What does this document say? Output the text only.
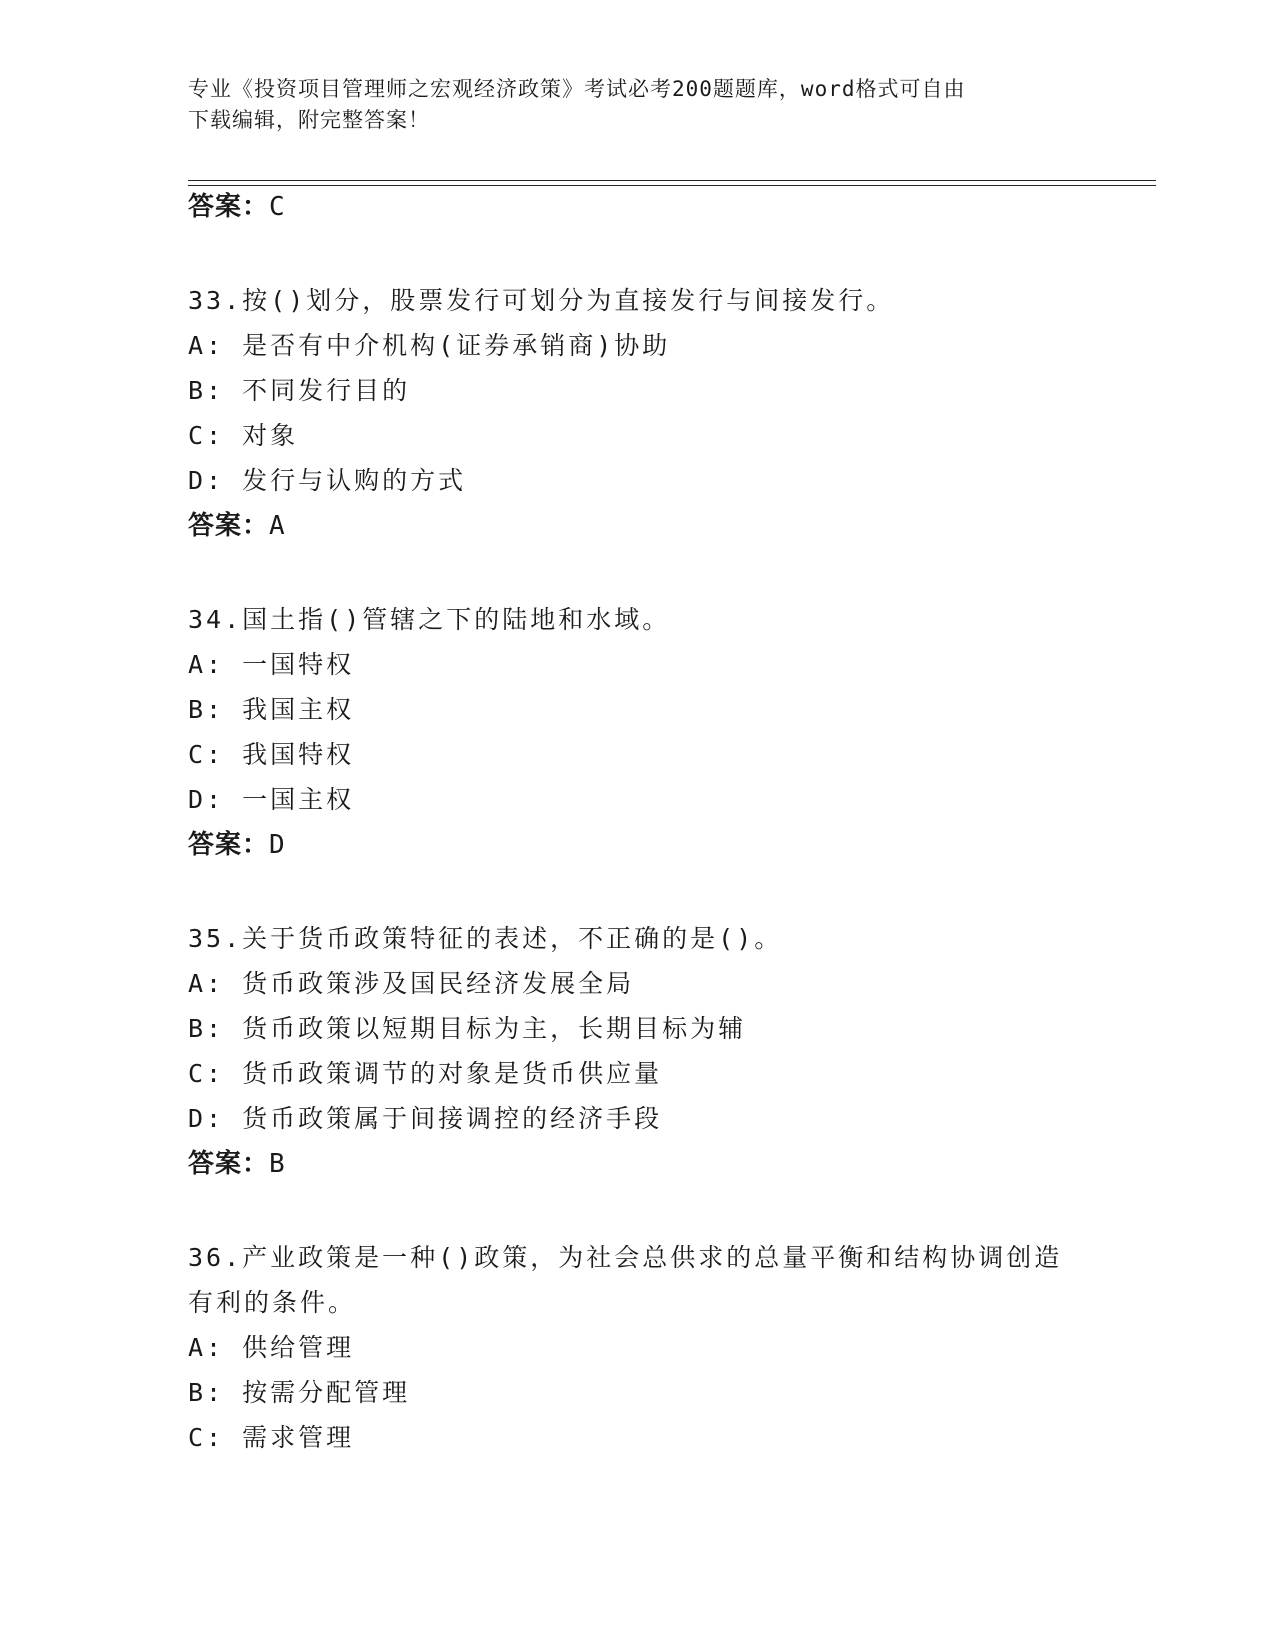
专业《投资项目管理师之宏观经济政策》考试必考200题题库，word格式可自由
下载编辑，附完整答案！
答案：C
33.按()划分，股票发行可划分为直接发行与间接发行。
A: 是否有中介机构(证券承销商)协助
B: 不同发行目的
C: 对象
D: 发行与认购的方式
答案：A
34.国土指()管辖之下的陆地和水域。
A: 一国特权
B: 我国主权
C: 我国特权
D: 一国主权
答案：D
35.关于货币政策特征的表述，不正确的是()。
A: 货币政策涉及国民经济发展全局
B: 货币政策以短期目标为主，长期目标为辅
C: 货币政策调节的对象是货币供应量
D: 货币政策属于间接调控的经济手段
答案：B
36.产业政策是一种()政策，为社会总供求的总量平衡和结构协调创造
有利的条件。
A: 供给管理
B: 按需分配管理
C: 需求管理
